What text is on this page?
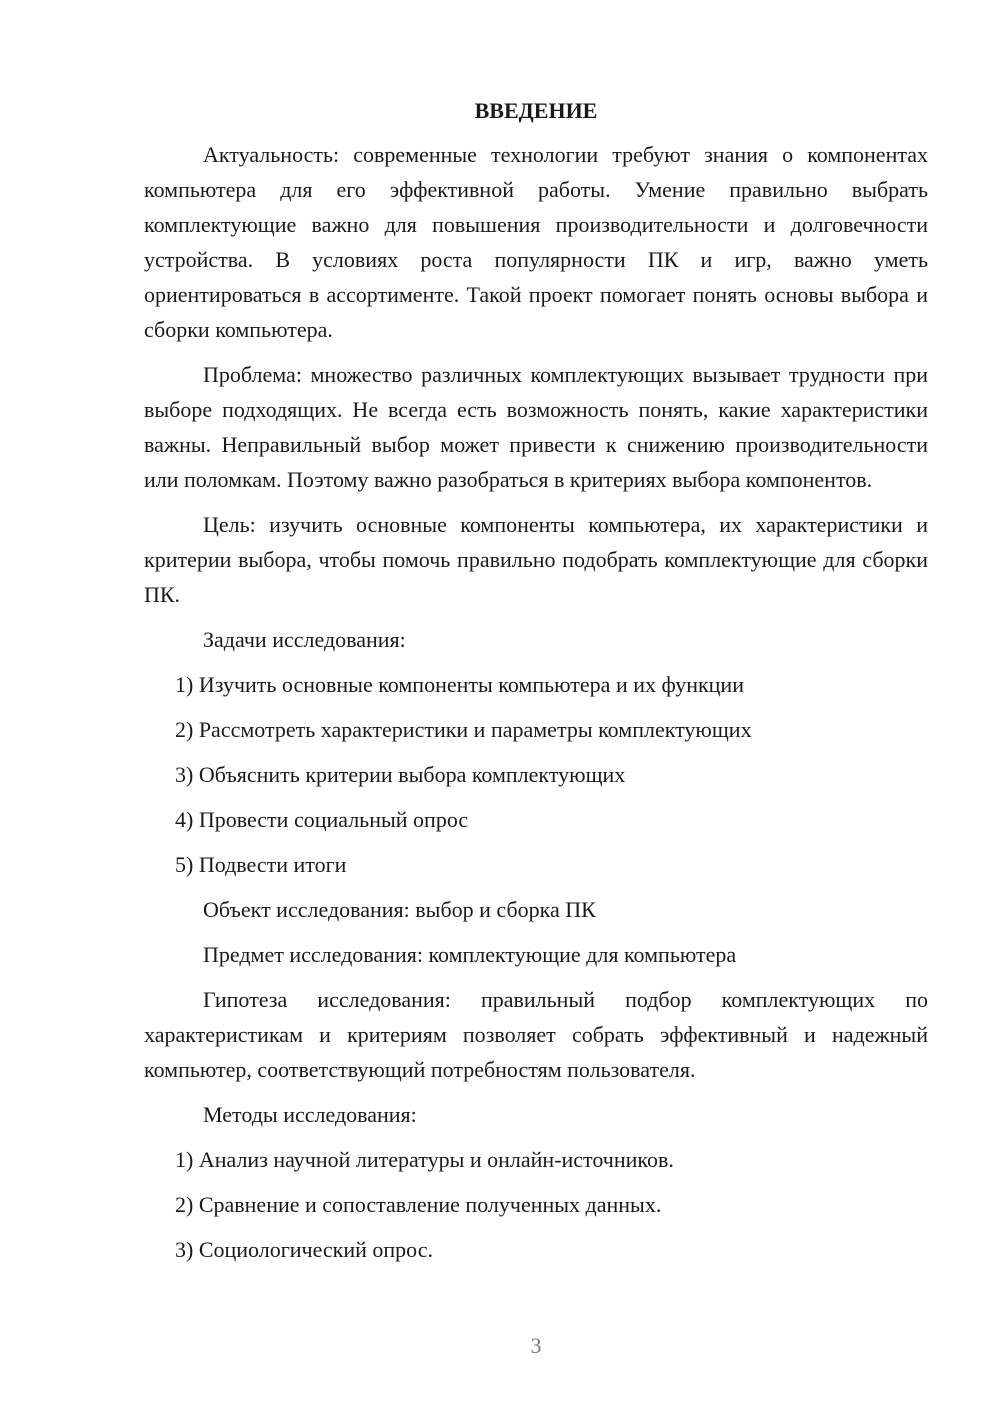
ВВЕДЕНИЕ

Актуальность: современные технологии требуют знания о компонентах компьютера для его эффективной работы. Умение правильно выбрать комплектующие важно для повышения производительности и долговечности устройства. В условиях роста популярности ПК и игр, важно уметь ориентироваться в ассортименте. Такой проект помогает понять основы выбора и сборки компьютера.

Проблема: множество различных комплектующих вызывает трудности при выборе подходящих. Не всегда есть возможность понять, какие характеристики важны. Неправильный выбор может привести к снижению производительности или поломкам. Поэтому важно разобраться в критериях выбора компонентов.

Цель: изучить основные компоненты компьютера, их характеристики и критерии выбора, чтобы помочь правильно подобрать комплектующие для сборки ПК.

Задачи исследования:

1) Изучить основные компоненты компьютера и их функции
2) Рассмотреть характеристики и параметры комплектующих
3) Объяснить критерии выбора комплектующих
4) Провести социальный опрос
5) Подвести итоги

Объект исследования: выбор и сборка ПК

Предмет исследования: комплектующие для компьютера

Гипотеза исследования: правильный подбор комплектующих по характеристикам и критериям позволяет собрать эффективный и надежный компьютер, соответствующий потребностям пользователя.

Методы исследования:

1) Анализ научной литературы и онлайн-источников.
2) Сравнение и сопоставление полученных данных.
3) Социологический опрос.
3
